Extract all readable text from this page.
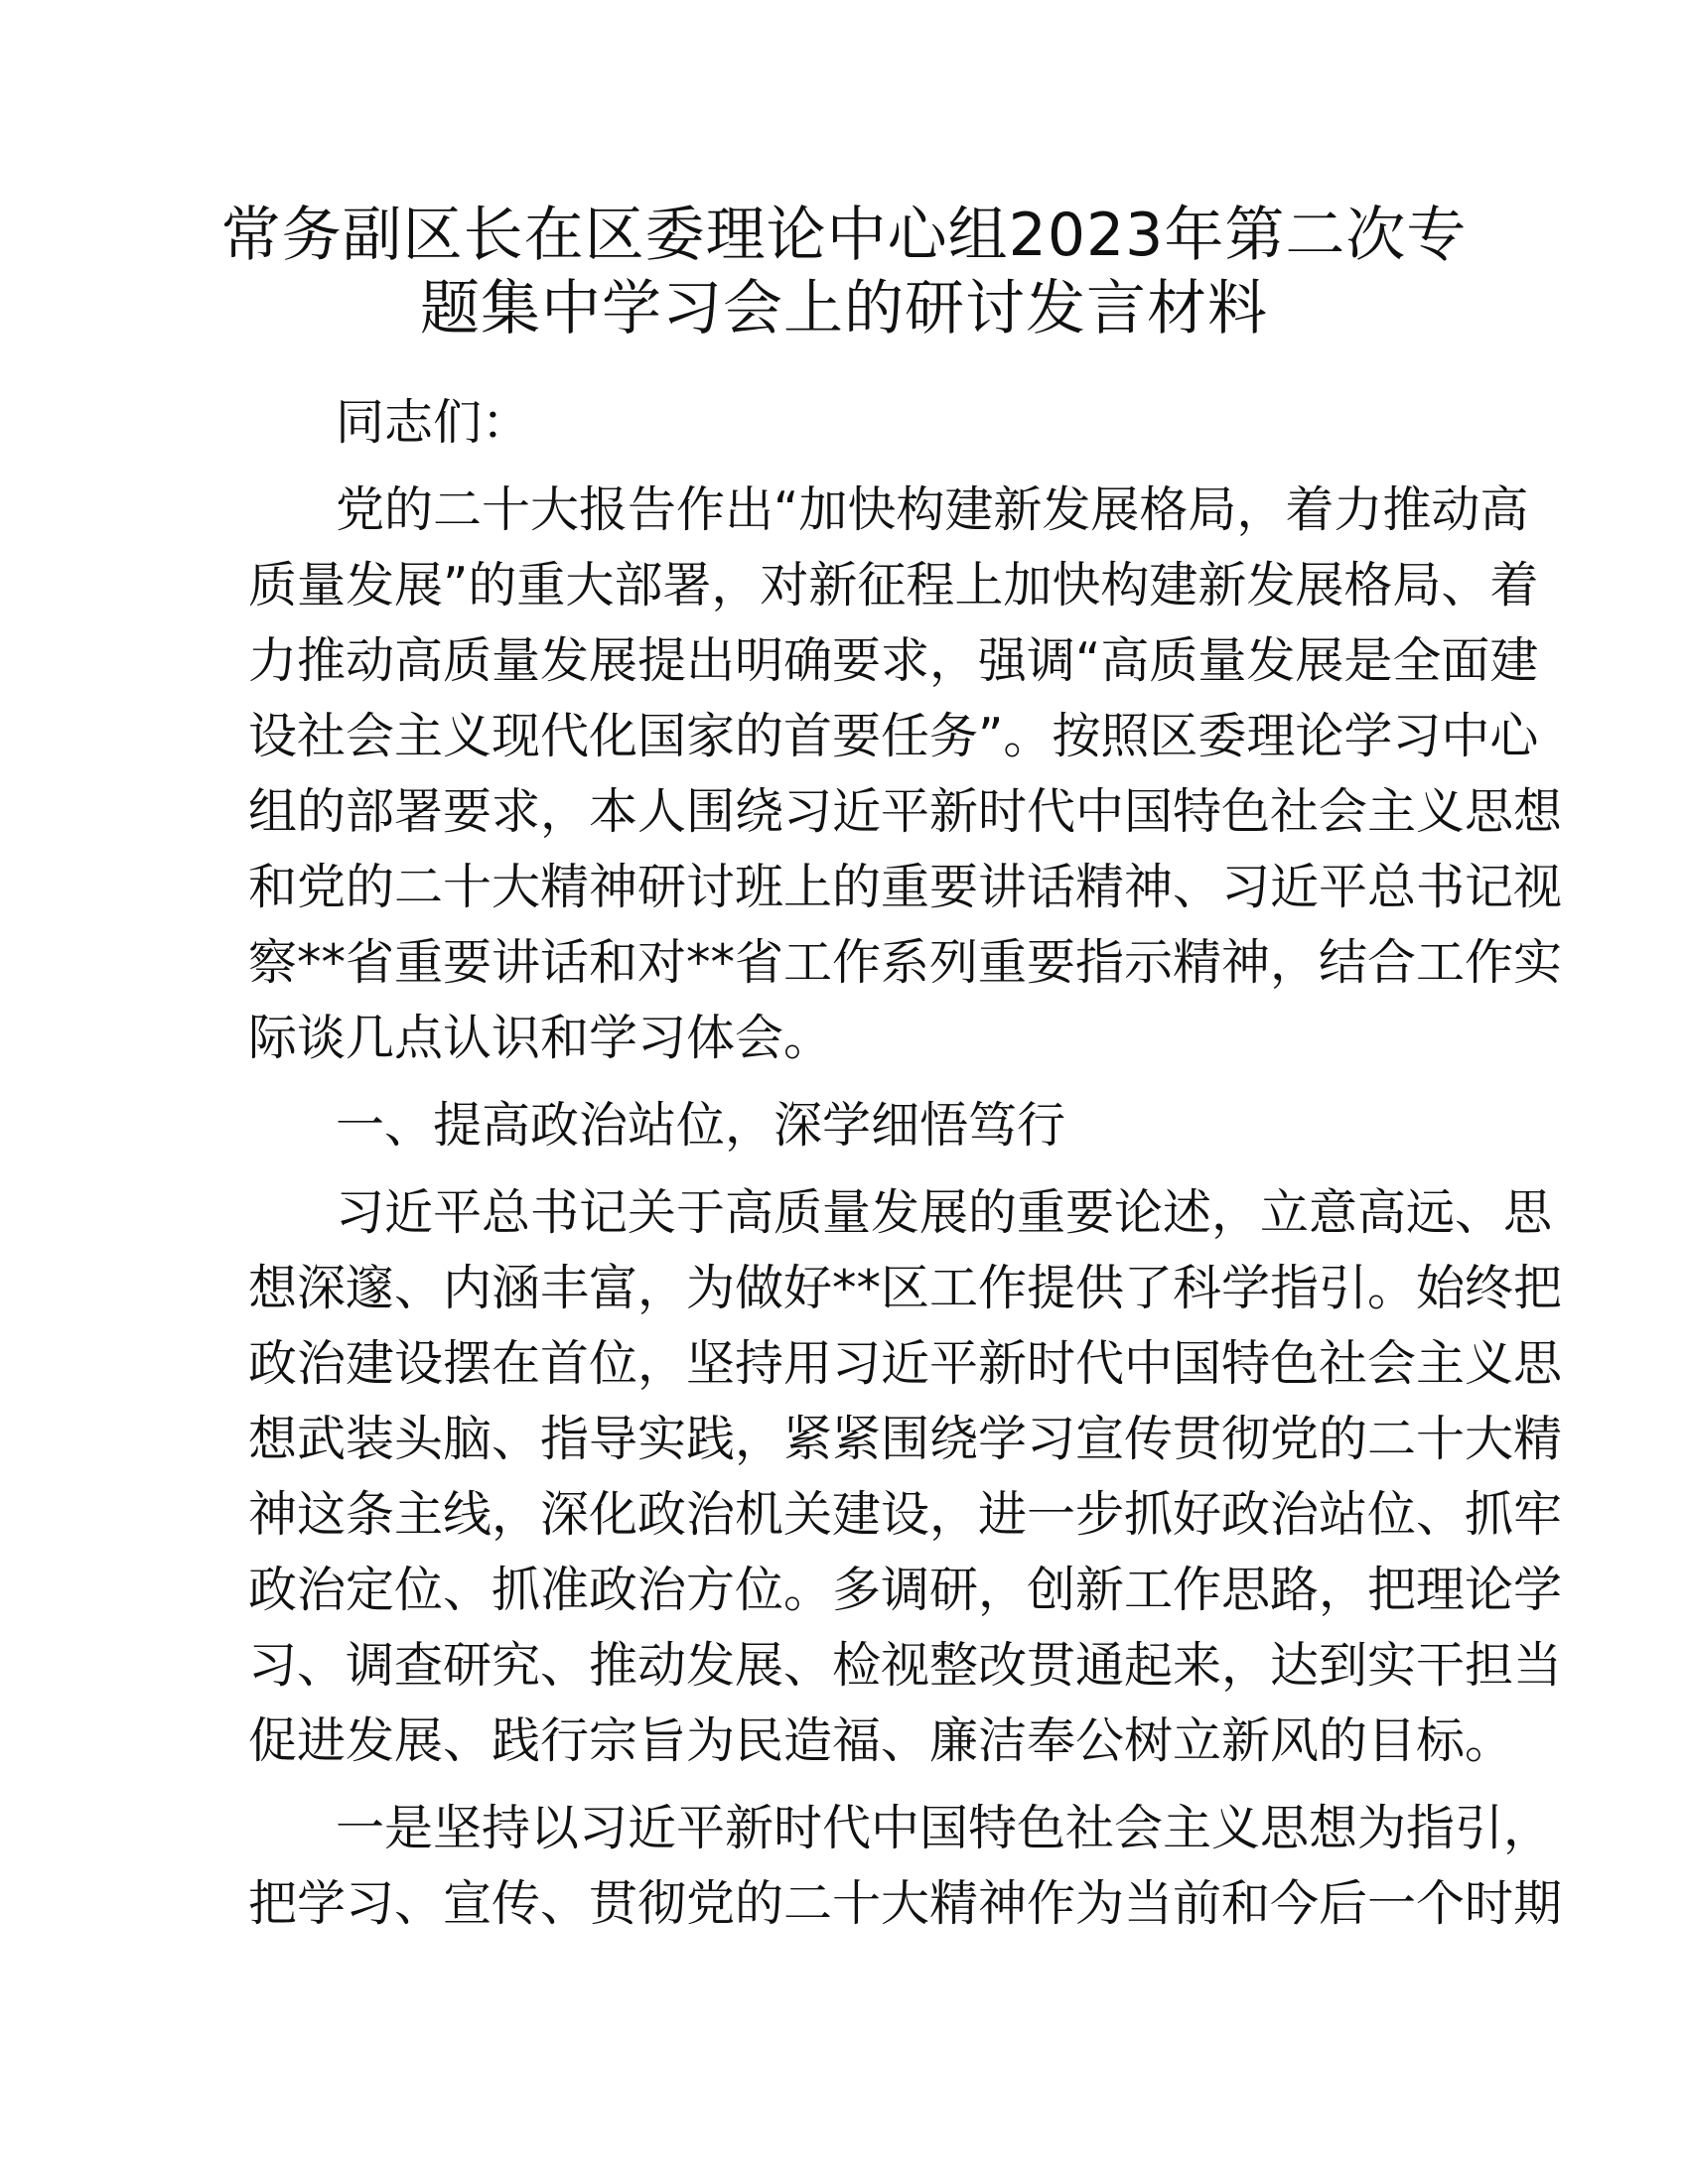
常务副区长在区委理论中心组2023年第二次专
题集中学习会上的研讨发言材料
同志们：
党的二十大报告作出“加快构建新发展格局，着力推动高
质量发展”的重大部署，对新征程上加快构建新发展格局、着
力推动高质量发展提出明确要求，强调“高质量发展是全面建
设社会主义现代化国家的首要任务”。按照区委理论学习中心
组的部署要求，本人围绕习近平新时代中国特色社会主义思想
和党的二十大精神研讨班上的重要讲话精神、习近平总书记视
察**省重要讲话和对**省工作系列重要指示精神，结合工作实
际谈几点认识和学习体会。
一、提高政治站位，深学细悟笃行
习近平总书记关于高质量发展的重要论述，立意高远、思
想深邃、内涵丰富，为做好**区工作提供了科学指引。始终把
政治建设摆在首位，坚持用习近平新时代中国特色社会主义思
想武装头脑、指导实践，紧紧围绕学习宣传贯彻党的二十大精
神这条主线，深化政治机关建设，进一步抓好政治站位、抓牢
政治定位、抓准政治方位。多调研，创新工作思路，把理论学
习、调查研究、推动发展、检视整改贯通起来，达到实干担当
促进发展、践行宗旨为民造福、廉洁奉公树立新风的目标。
一是坚持以习近平新时代中国特色社会主义思想为指引，
把学习、宣传、贯彻党的二十大精神作为当前和今后一个时期
